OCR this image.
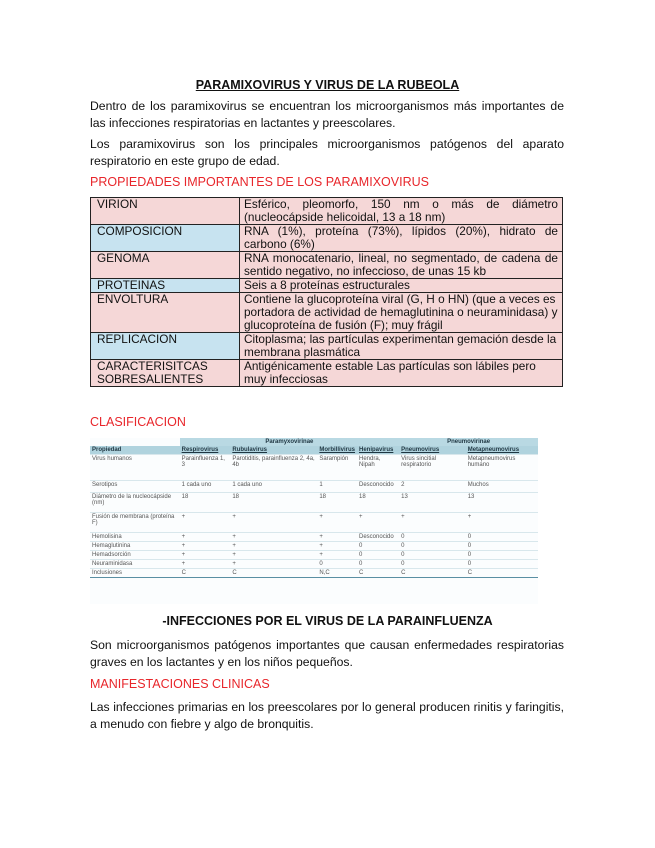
PARAMIXOVIRUS Y VIRUS DE LA RUBEOLA
Dentro de los paramixovirus se encuentran los microorganismos más importantes de las infecciones respiratorias en lactantes y preescolares.
Los paramixovirus son los principales microorganismos patógenos del aparato respiratorio en este grupo de edad.
PROPIEDADES IMPORTANTES DE LOS PARAMIXOVIRUS
VIRION	Esférico, pleomorfo, 150 nm o más de diámetro (nucleocápside helicoidal, 13 a 18 nm)
COMPOSICION	RNA (1%), proteína (73%), lípidos (20%), hidrato de carbono (6%)
GENOMA	RNA monocatenario, lineal, no segmentado, de cadena de sentido negativo, no infeccioso, de unas 15 kb
PROTEINAS	Seis a 8 proteínas estructurales
ENVOLTURA	Contiene la glucoproteína viral (G, H o HN) (que a veces es portadora de actividad de hemaglutinina o neuraminidasa) y glucoproteína de fusión (F); muy frágil
REPLICACION	Citoplasma; las partículas experimentan gemación desde la membrana plasmática
CARACTERISITCAS SOBRESALIENTES	Antigénicamente estable Las partículas son lábiles pero muy infecciosas
CLASIFICACION
	Paramyxovirinae				Pneumovirinae	
Propiedad	Respirovirus	Rubulavirus	Morbillivirus	Henipavirus	Pneumovirus	Metapneumovirus
Virus humanos	Parainfluenza 1, 3	Parotiditis, parainfluenza 2, 4a, 4b	Sarampión	Hendra, Nipah	Virus sincitial respiratorio	Metapneumovirus humano
Serotipos	1 cada uno	1 cada uno	1	Desconocido	2	Muchos
Diámetro de la nucleocápside (nm)	18	18	18	18	13	13
Fusión de membrana (proteína F)	+	+	+	+	+	+
Hemolisina	+	+	+	Desconocido	0	0
Hemaglutinina	+	+	+	0	0	0
Hemadsorción	+	+	+	0	0	0
Neuraminidasa	+	+	0	0	0	0
Inclusiones	C	C	N,C	C	C	C
-INFECCIONES POR EL VIRUS DE LA PARAINFLUENZA
Son microorganismos patógenos importantes que causan enfermedades respiratorias graves en los lactantes y en los niños pequeños.
MANIFESTACIONES CLINICAS
Las infecciones primarias en los preescolares por lo general producen rinitis y faringitis, a menudo con fiebre y algo de bronquitis.
